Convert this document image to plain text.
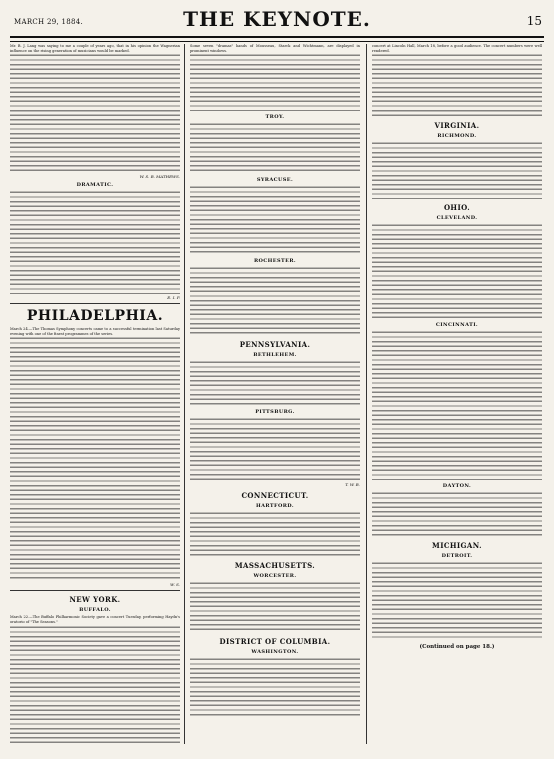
MARCH 29, 1884.	THE KEYNOTE.	15

Mr. B. J. Lang was saying to me a couple of years ago, that in his opinion the Wagnerian influence on the rising generation of musicians would be marked.

W. S. B. MATHEWS.
DRAMATIC.
E. I. P.
PHILADELPHIA.

March 24.—The Thomas Symphony concerts came to a successful termination last Saturday evening with one of the finest programmes of the series.

W. S.
NEW YORK.
BUFFALO.

March 22.—The Buffalo Philharmonic Society gave a concert Tuesday, performing Haydn's oratorio of "The Seasons."

Some seven "dramas" hands of Mousseau, Starck and Wichtmann, are displayed in prominent windows.

TROY.
SYRACUSE.
ROCHESTER.
PENNSYLVANIA.
BETHLEHEM.
PITTSBURG.
T. W. B.
CONNECTICUT.
HARTFORD.
MASSACHUSETTS.
WORCESTER.
DISTRICT OF COLUMBIA.
WASHINGTON.

concert at Lincoln Hall, March 18, before a good audience. The concert numbers were well rendered.

VIRGINIA.
RICHMOND.
OHIO.
CLEVELAND.
CINCINNATI.
DAYTON.
MICHIGAN.
DETROIT.
(Continued on page 18.)
